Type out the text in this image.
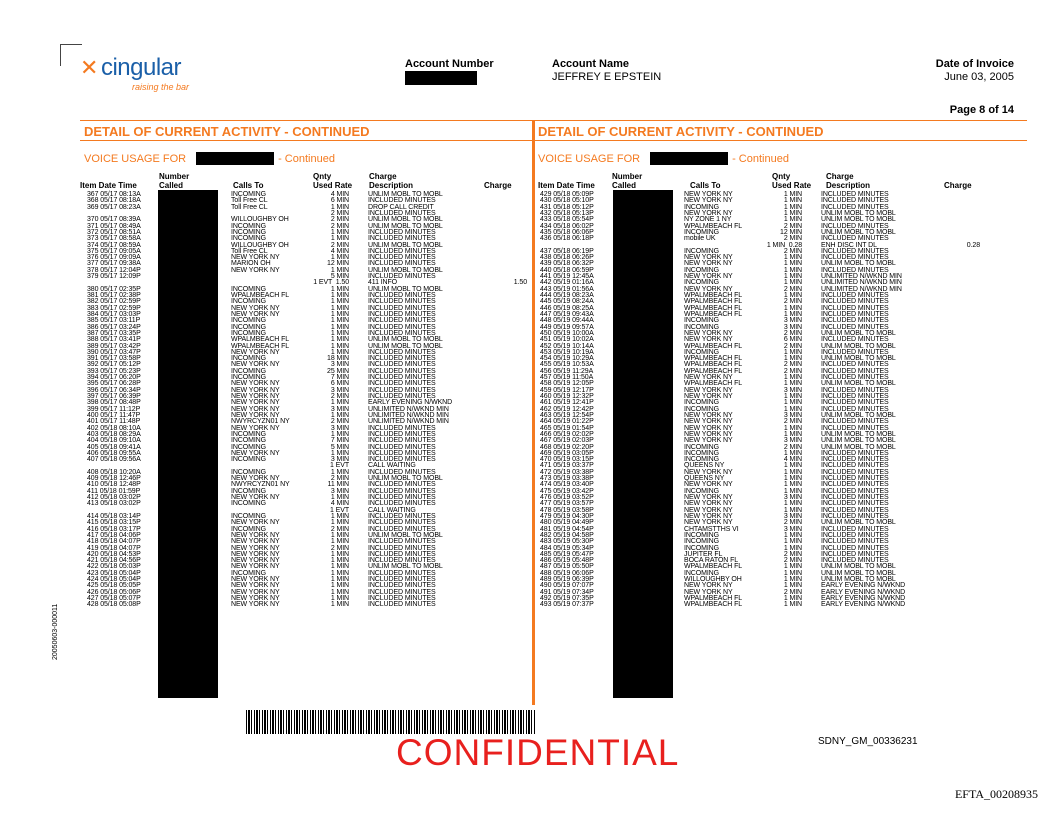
✕ cingular
raising the bar
Account Number	Account Name
JEFFREY E EPSTEIN
Date of Invoice
June 03, 2005
Page 8 of 14
DETAIL OF CURRENT ACTIVITY - CONTINUED
VOICE USAGE FOR	- Continued
Number
Item Date Time	Called	Calls To
Qnty
Used Rate
Charge
Description	Charge
367 05/17 08:13A	INCOMING	4 MIN	UNLIM MOBL TO MOBL
368 05/17 08:18A	Toll Free CL	6 MIN	INCLUDED MINUTES
369 05/17 08:23A	Toll Free CL	1 MIN	DROP CALL CREDIT
2 MIN	INCLUDED MINUTES
370 05/17 08:39A	WILLOUGHBY OH	2 MIN	UNLIM MOBL TO MOBL
371 05/17 08:49A	INCOMING	2 MIN	UNLIM MOBL TO MOBL
372 05/17 08:51A	INCOMING	1 MIN	INCLUDED MINUTES
373 05/17 08:58A	INCOMING	1 MIN	INCLUDED MINUTES
374 05/17 08:59A	WILLOUGHBY OH	2 MIN	UNLIM MOBL TO MOBL
375 05/17 09:05A	Toll Free CL	4 MIN	INCLUDED MINUTES
376 05/17 09:09A	NEW YORK NY	1 MIN	INCLUDED MINUTES
377 05/17 09:38A	MARION OH	12 MIN	INCLUDED MINUTES
378 05/17 12:04P	NEW YORK NY	1 MIN	UNLIM MOBL TO MOBL
379 05/17 12:09P	5 MIN	INCLUDED MINUTES
1 EVT  1.50	411 INFO	1.50
380 05/17 02:35P	INCOMING	1 MIN	UNLIM MOBL TO MOBL
381 05/17 02:38P	WPALMBEACH FL	1 MIN	INCLUDED MINUTES
382 05/17 02:59P	INCOMING	1 MIN	INCLUDED MINUTES
383 05/17 02:59P	NEW YORK NY	1 MIN	INCLUDED MINUTES
384 05/17 03:03P	NEW YORK NY	1 MIN	INCLUDED MINUTES
385 05/17 03:11P	INCOMING	1 MIN	INCLUDED MINUTES
386 05/17 03:24P	INCOMING	1 MIN	INCLUDED MINUTES
387 05/17 03:35P	INCOMING	1 MIN	INCLUDED MINUTES
388 05/17 03:41P	WPALMBEACH FL	1 MIN	UNLIM MOBL TO MOBL
389 05/17 03:42P	WPALMBEACH FL	1 MIN	UNLIM MOBL TO MOBL
390 05/17 03:47P	NEW YORK NY	1 MIN	INCLUDED MINUTES
391 05/17 03:58P	INCOMING	18 MIN	INCLUDED MINUTES
392 05/17 05:12P	NEW YORK NY	3 MIN	INCLUDED MINUTES
393 05/17 05:23P	INCOMING	25 MIN	INCLUDED MINUTES
394 05/17 06:20P	INCOMING	7 MIN	INCLUDED MINUTES
395 05/17 06:28P	NEW YORK NY	6 MIN	INCLUDED MINUTES
396 05/17 06:34P	NEW YORK NY	3 MIN	INCLUDED MINUTES
397 05/17 06:39P	NEW YORK NY	2 MIN	INCLUDED MINUTES
398 05/17 08:48P	NEW YORK NY	1 MIN	EARLY EVENING N/WKND
399 05/17 11:12P	NEW YORK NY	3 MIN	UNLIMITED N/WKND MIN
400 05/17 11:47P	NEW YORK NY	1 MIN	UNLIMITED N/WKND MIN
401 05/17 11:48P	NWYRCYZN01 NY	2 MIN	UNLIMITED N/WKND MIN
402 05/18 08:10A	NEW YORK NY	3 MIN	INCLUDED MINUTES
403 05/18 08:29A	INCOMING	1 MIN	INCLUDED MINUTES
404 05/18 09:10A	INCOMING	7 MIN	INCLUDED MINUTES
405 05/18 09:41A	INCOMING	5 MIN	INCLUDED MINUTES
406 05/18 09:55A	NEW YORK NY	1 MIN	INCLUDED MINUTES
407 05/18 09:56A	INCOMING	3 MIN	INCLUDED MINUTES
1 EVT	CALL WAITING
408 05/18 10:20A	INCOMING	1 MIN	INCLUDED MINUTES
409 05/18 12:46P	NEW YORK NY	2 MIN	UNLIM MOBL TO MOBL
410 05/18 12:48P	NWYRCYZN01 NY	11 MIN	INCLUDED MINUTES
411 05/18 01:59P	INCOMING	3 MIN	INCLUDED MINUTES
412 05/18 03:02P	NEW YORK NY	1 MIN	INCLUDED MINUTES
413 05/18 03:02P	INCOMING	4 MIN	INCLUDED MINUTES
1 EVT	CALL WAITING
414 05/18 03:14P	INCOMING	1 MIN	INCLUDED MINUTES
415 05/18 03:15P	NEW YORK NY	1 MIN	INCLUDED MINUTES
416 05/18 03:17P	INCOMING	2 MIN	INCLUDED MINUTES
417 05/18 04:06P	NEW YORK NY	1 MIN	UNLIM MOBL TO MOBL
418 05/18 04:07P	NEW YORK NY	1 MIN	INCLUDED MINUTES
419 05/18 04:07P	NEW YORK NY	2 MIN	INCLUDED MINUTES
420 05/18 04:53P	NEW YORK NY	1 MIN	INCLUDED MINUTES
421 05/18 04:56P	NEW YORK NY	1 MIN	INCLUDED MINUTES
422 05/18 05:03P	NEW YORK NY	1 MIN	UNLIM MOBL TO MOBL
423 05/18 05:04P	INCOMING	1 MIN	INCLUDED MINUTES
424 05/18 05:04P	NEW YORK NY	1 MIN	INCLUDED MINUTES
425 05/18 05:05P	NEW YORK NY	1 MIN	INCLUDED MINUTES
426 05/18 05:06P	NEW YORK NY	1 MIN	INCLUDED MINUTES
427 05/18 05:07P	NEW YORK NY	1 MIN	INCLUDED MINUTES
428 05/18 05:08P	NEW YORK NY	1 MIN	INCLUDED MINUTES
DETAIL OF CURRENT ACTIVITY - CONTINUED
VOICE USAGE FOR	- Continued
Number
Item Date Time Called	Calls To
Qnty
Used Rate
Charge
Description	Charge
429 05/18 05:09P	NEW YORK NY	1 MIN	INCLUDED MINUTES
430 05/18 05:10P	NEW YORK NY	1 MIN	INCLUDED MINUTES
431 05/18 05:12P	INCOMING	1 MIN	INCLUDED MINUTES
432 05/18 05:13P	NEW YORK NY	1 MIN	UNLIM MOBL TO MOBL
433 05/18 05:54P	NY ZONE 1 NY	1 MIN	UNLIM MOBL TO MOBL
434 05/18 06:02P	WPALMBEACH FL	2 MIN	INCLUDED MINUTES
435 05/18 06:06P	INCOMING	12 MIN	UNLIM MOBL TO MOBL
436 05/18 06:18P	mobile UK	2 MIN	INCLUDED MINUTES
1 MIN  0.28	ENH DISC INT DL	0.28
437 05/18 06:19P	INCOMING	2 MIN	INCLUDED MINUTES
438 05/18 06:26P	NEW YORK NY	1 MIN	INCLUDED MINUTES
439 05/18 06:32P	NEW YORK NY	1 MIN	UNLIM MOBL TO MOBL
440 05/18 06:59P	INCOMING	1 MIN	INCLUDED MINUTES
441 05/19 12:45A	NEW YORK NY	1 MIN	UNLIMITED N/WKND MIN
442 05/19 01:16A	INCOMING	1 MIN	UNLIMITED N/WKND MIN
443 05/19 01:56A	NEW YORK NY	2 MIN	UNLIMITED N/WKND MIN
444 05/19 08:23A	WPALMBEACH FL	1 MIN	INCLUDED MINUTES
445 05/19 08:24A	WPALMBEACH FL	2 MIN	INCLUDED MINUTES
446 05/19 08:25A	WPALMBEACH FL	1 MIN	INCLUDED MINUTES
447 05/19 09:43A	WPALMBEACH FL	1 MIN	INCLUDED MINUTES
448 05/19 09:44A	INCOMING	3 MIN	INCLUDED MINUTES
449 05/19 09:57A	INCOMING	3 MIN	INCLUDED MINUTES
450 05/19 10:00A	NEW YORK NY	2 MIN	UNLIM MOBL TO MOBL
451 05/19 10:02A	NEW YORK NY	6 MIN	INCLUDED MINUTES
452 05/19 10:14A	WPALMBEACH FL	2 MIN	UNLIM MOBL TO MOBL
453 05/19 10:19A	INCOMING	1 MIN	INCLUDED MINUTES
454 05/19 10:29A	WPALMBEACH FL	1 MIN	UNLIM MOBL TO MOBL
455 05/19 10:53A	WPALMBEACH FL	2 MIN	INCLUDED MINUTES
456 05/19 11:29A	WPALMBEACH FL	2 MIN	INCLUDED MINUTES
457 05/19 11:50A	NEW YORK NY	1 MIN	INCLUDED MINUTES
458 05/19 12:05P	WPALMBEACH FL	1 MIN	UNLIM MOBL TO MOBL
459 05/19 12:17P	NEW YORK NY	3 MIN	INCLUDED MINUTES
460 05/19 12:32P	NEW YORK NY	1 MIN	INCLUDED MINUTES
461 05/19 12:41P	INCOMING	1 MIN	INCLUDED MINUTES
462 05/19 12:42P	INCOMING	1 MIN	INCLUDED MINUTES
463 05/19 12:54P	NEW YORK NY	3 MIN	UNLIM MOBL TO MOBL
464 05/19 01:22P	NEW YORK NY	2 MIN	INCLUDED MINUTES
465 05/19 01:54P	NEW YORK NY	1 MIN	INCLUDED MINUTES
466 05/19 02:02P	NEW YORK NY	1 MIN	UNLIM MOBL TO MOBL
467 05/19 02:03P	NEW YORK NY	3 MIN	UNLIM MOBL TO MOBL
468 05/19 02:20P	INCOMING	2 MIN	UNLIM MOBL TO MOBL
469 05/19 03:05P	INCOMING	1 MIN	INCLUDED MINUTES
470 05/19 03:15P	INCOMING	4 MIN	INCLUDED MINUTES
471 05/19 03:37P	QUEENS NY	1 MIN	INCLUDED MINUTES
472 05/19 03:38P	NEW YORK NY	1 MIN	INCLUDED MINUTES
473 05/19 03:38P	QUEENS NY	1 MIN	INCLUDED MINUTES
474 05/19 03:40P	NEW YORK NY	1 MIN	INCLUDED MINUTES
475 05/19 03:42P	INCOMING	1 MIN	INCLUDED MINUTES
476 05/19 03:52P	NEW YORK NY	3 MIN	INCLUDED MINUTES
477 05/19 03:57P	NEW YORK NY	1 MIN	INCLUDED MINUTES
478 05/19 03:58P	NEW YORK NY	1 MIN	INCLUDED MINUTES
479 05/19 04:30P	NEW YORK NY	3 MIN	INCLUDED MINUTES
480 05/19 04:49P	NEW YORK NY	2 MIN	UNLIM MOBL TO MOBL
481 05/19 04:54P	CHTAMSTTHS VI	3 MIN	INCLUDED MINUTES
482 05/19 04:58P	INCOMING	1 MIN	INCLUDED MINUTES
483 05/19 05:30P	INCOMING	1 MIN	INCLUDED MINUTES
484 05/19 05:34P	INCOMING	1 MIN	INCLUDED MINUTES
485 05/19 05:47P	JUPITER FL	2 MIN	INCLUDED MINUTES
486 05/19 05:48P	BOCA RATON FL	2 MIN	INCLUDED MINUTES
487 05/19 05:50P	WPALMBEACH FL	1 MIN	UNLIM MOBL TO MOBL
488 05/19 06:06P	INCOMING	1 MIN	UNLIM MOBL TO MOBL
489 05/19 06:39P	WILLOUGHBY OH	1 MIN	UNLIM MOBL TO MOBL
490 05/19 07:07P	NEW YORK NY	1 MIN	EARLY EVENING N/WKND
491 05/19 07:34P	NEW YORK NY	2 MIN	EARLY EVENING N/WKND
492 05/19 07:35P	WPALMBEACH FL	1 MIN	EARLY EVENING N/WKND
493 05/19 07:37P	WPALMBEACH FL	1 MIN	EARLY EVENING N/WKND
CONFIDENTIAL	SDNY_GM_00336231
EFTA_00208935
20050603-000011
